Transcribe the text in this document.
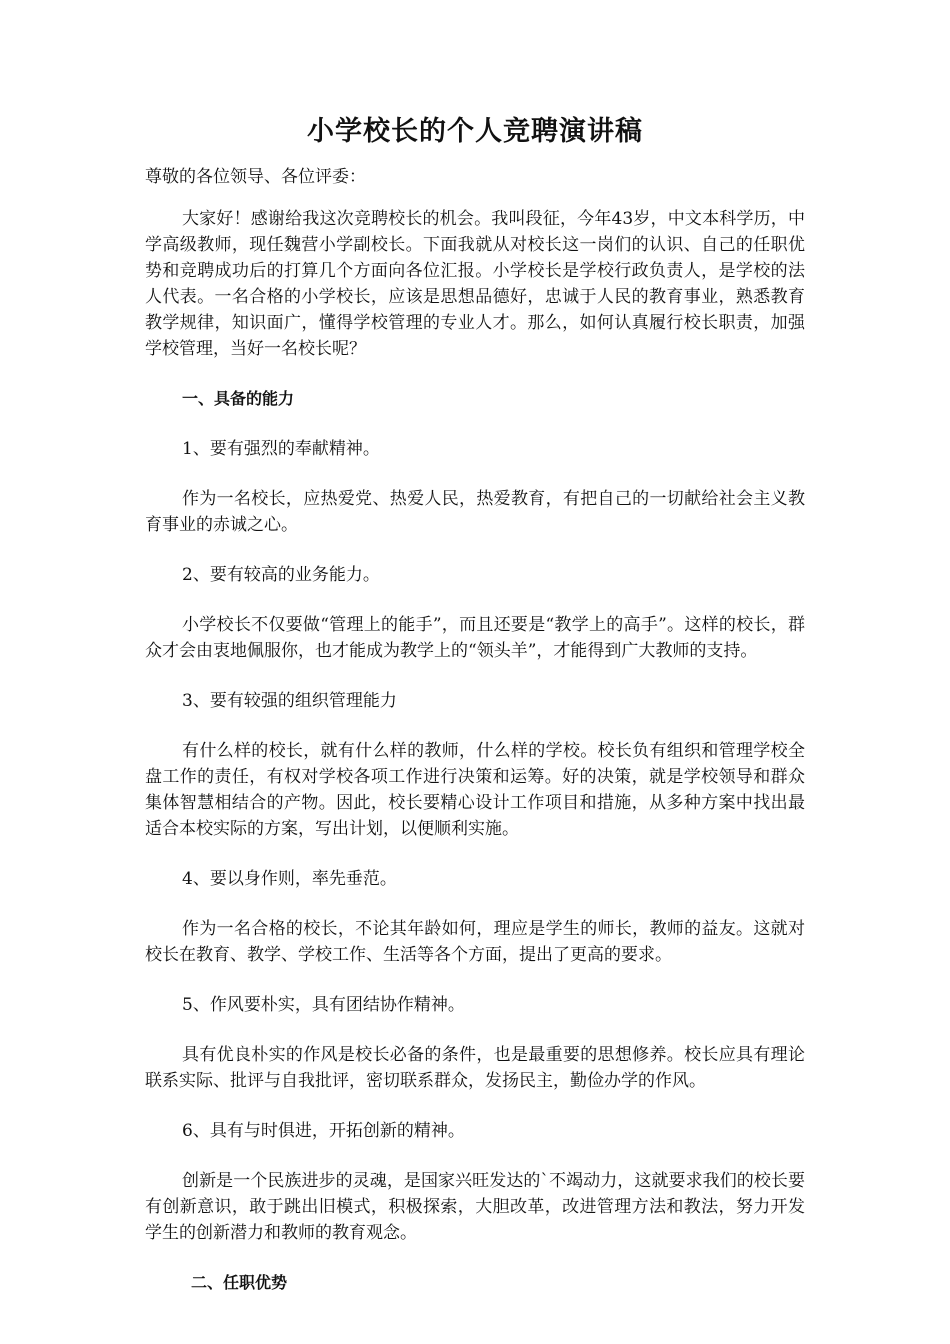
小学校长的个人竞聘演讲稿

尊敬的各位领导、各位评委：

大家好！感谢给我这次竞聘校长的机会。我叫段征，今年43岁，中文本科学历，中学高级教师，现任魏营小学副校长。下面我就从对校长这一岗们的认识、自己的任职优势和竞聘成功后的打算几个方面向各位汇报。小学校长是学校行政负责人，是学校的法人代表。一名合格的小学校长，应该是思想品德好，忠诚于人民的教育事业，熟悉教育教学规律，知识面广，懂得学校管理的专业人才。那么，如何认真履行校长职责，加强学校管理，当好一名校长呢？

一、具备的能力

1、要有强烈的奉献精神。

作为一名校长，应热爱党、热爱人民，热爱教育，有把自己的一切献给社会主义教育事业的赤诚之心。

2、要有较高的业务能力。

小学校长不仅要做“管理上的能手”，而且还要是“教学上的高手”。这样的校长，群众才会由衷地佩服你，也才能成为教学上的“领头羊”，才能得到广大教师的支持。

3、要有较强的组织管理能力

有什么样的校长，就有什么样的教师，什么样的学校。校长负有组织和管理学校全盘工作的责任，有权对学校各项工作进行决策和运筹。好的决策，就是学校领导和群众集体智慧相结合的产物。因此，校长要精心设计工作项目和措施，从多种方案中找出最适合本校实际的方案，写出计划，以便顺利实施。

4、要以身作则，率先垂范。

作为一名合格的校长，不论其年龄如何，理应是学生的师长，教师的益友。这就对校长在教育、教学、学校工作、生活等各个方面，提出了更高的要求。

5、作风要朴实，具有团结协作精神。

具有优良朴实的作风是校长必备的条件，也是最重要的思想修养。校长应具有理论联系实际、批评与自我批评，密切联系群众，发扬民主，勤俭办学的作风。

6、具有与时俱进，开拓创新的精神。

创新是一个民族进步的灵魂，是国家兴旺发达的`不竭动力，这就要求我们的校长要有创新意识，敢于跳出旧模式，积极探索，大胆改革，改进管理方法和教法，努力开发学生的创新潜力和教师的教育观念。

二、任职优势
